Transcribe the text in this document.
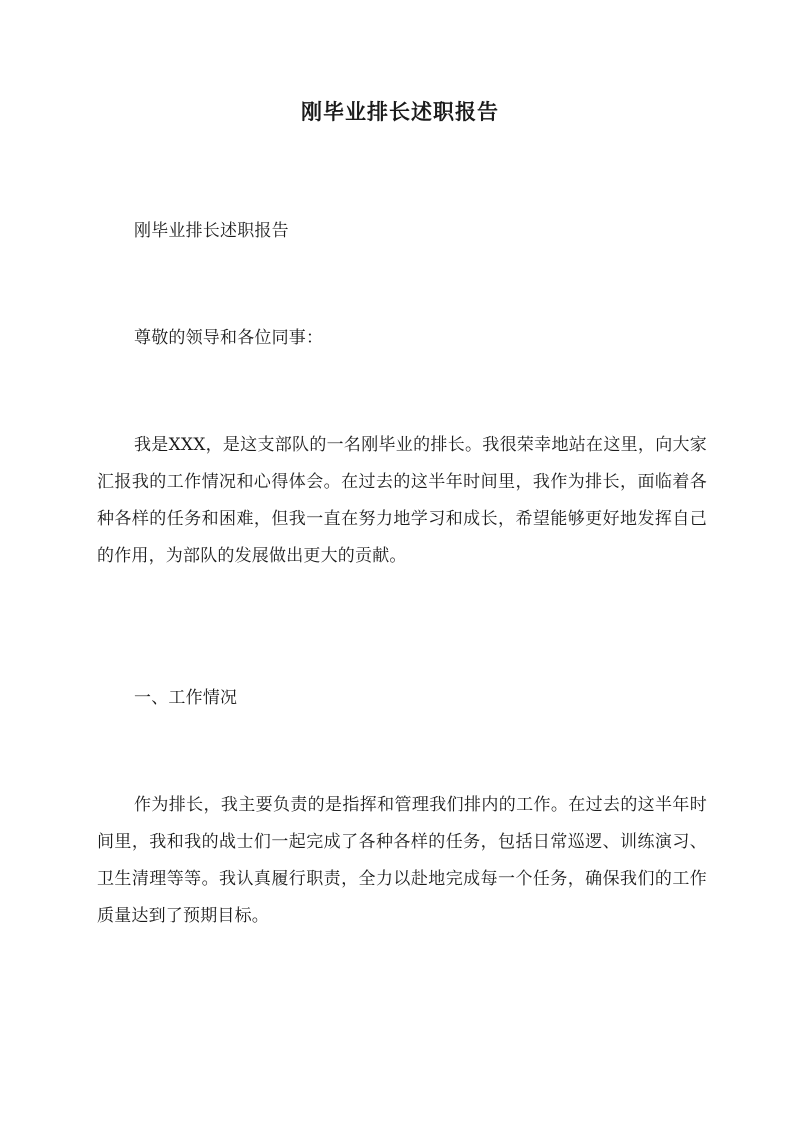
刚毕业排长述职报告

刚毕业排长述职报告

尊敬的领导和各位同事：

我是XXX，是这支部队的一名刚毕业的排长。我很荣幸地站在这里，向大家汇报我的工作情况和心得体会。在过去的这半年时间里，我作为排长，面临着各种各样的任务和困难，但我一直在努力地学习和成长，希望能够更好地发挥自己的作用，为部队的发展做出更大的贡献。

一、工作情况

作为排长，我主要负责的是指挥和管理我们排内的工作。在过去的这半年时间里，我和我的战士们一起完成了各种各样的任务，包括日常巡逻、训练演习、卫生清理等等。我认真履行职责，全力以赴地完成每一个任务，确保我们的工作质量达到了预期目标。
